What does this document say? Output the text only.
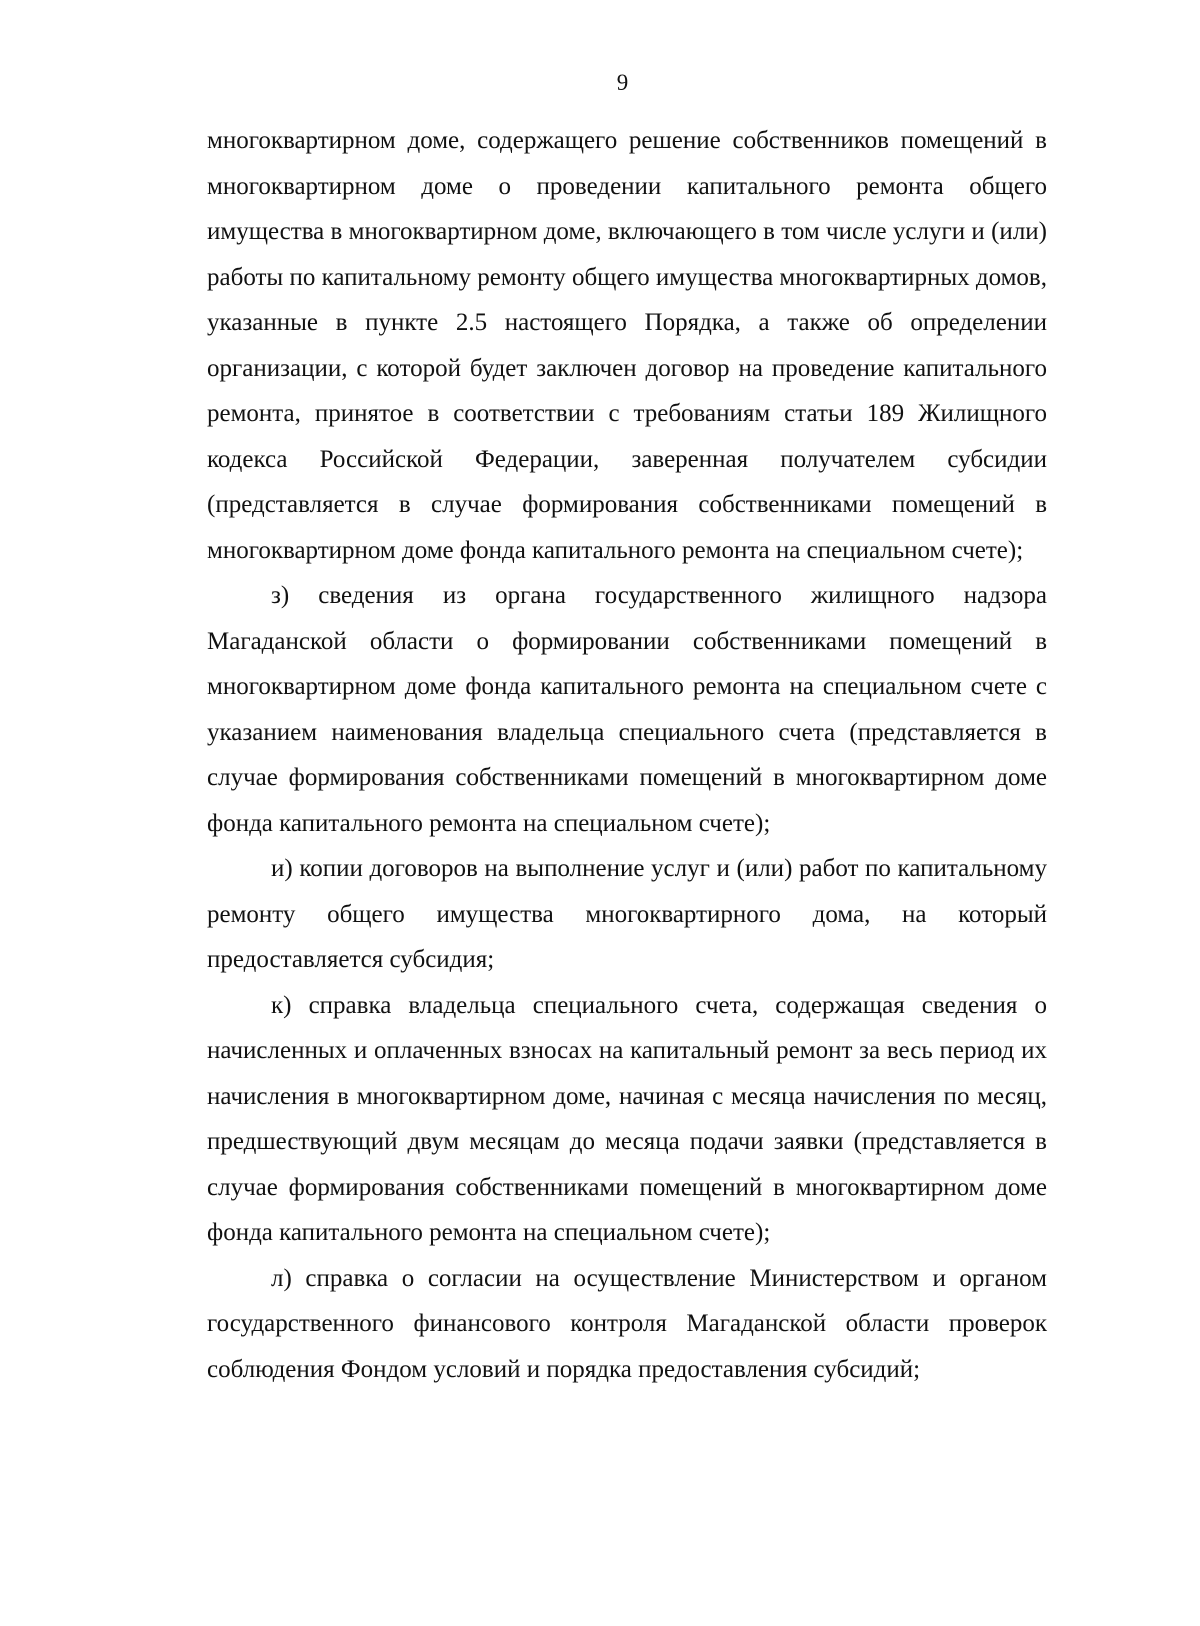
9

многоквартирном доме, содержащего решение собственников помещений в многоквартирном доме о проведении капитального ремонта общего имущества в многоквартирном доме, включающего в том числе услуги и (или) работы по капитальному ремонту общего имущества многоквартирных домов, указанные в пункте 2.5 настоящего Порядка, а также об определении организации, с которой будет заключен договор на проведение капитального ремонта, принятое в соответствии с требованиям статьи 189 Жилищного кодекса Российской Федерации, заверенная получателем субсидии (представляется в случае формирования собственниками помещений в многоквартирном доме фонда капитального ремонта на специальном счете);

з) сведения из органа государственного жилищного надзора Магаданской области о формировании собственниками помещений в многоквартирном доме фонда капитального ремонта на специальном счете с указанием наименования владельца специального счета (представляется в случае формирования собственниками помещений в многоквартирном доме фонда капитального ремонта на специальном счете);

и) копии договоров на выполнение услуг и (или) работ по капитальному ремонту общего имущества многоквартирного дома, на который предоставляется субсидия;

к) справка владельца специального счета, содержащая сведения о начисленных и оплаченных взносах на капитальный ремонт за весь период их начисления в многоквартирном доме, начиная с месяца начисления по месяц, предшествующий двум месяцам до месяца подачи заявки (представляется в случае формирования собственниками помещений в многоквартирном доме фонда капитального ремонта на специальном счете);

л) справка о согласии на осуществление Министерством и органом государственного финансового контроля Магаданской области проверок соблюдения Фондом условий и порядка предоставления субсидий;
